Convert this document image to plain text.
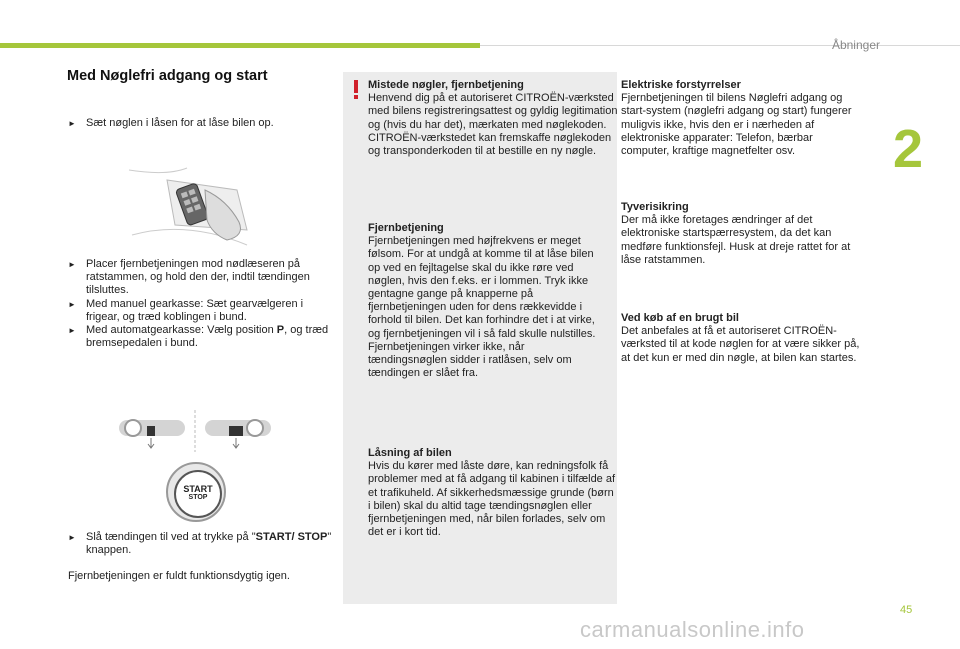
Åbninger
2
45
Med Nøglefri adgang og start
► Sæt nøglen i låsen for at låse bilen op.
► Placer fjernbetjeningen mod nødlæseren på ratstammen, og hold den der, indtil tændingen tilsluttes.
► Med manuel gearkasse: Sæt gearvælgeren i frigear, og træd koblingen i bund.
► Med automatgearkasse: Vælg position P, og træd bremsepedalen i bund.
START
STOP
► Slå tændingen til ved at trykke på "START/ STOP" knappen.
Fjernbetjeningen er fuldt funktionsdygtig igen.
Mistede nøgler, fjernbetjening
Henvend dig på et autoriseret CITROËN-værksted med bilens registreringsattest og gyldig legitimation og (hvis du har det), mærkaten med nøglekoden. CITROËN-værkstedet kan fremskaffe nøglekoden og transponderkoden til at bestille en ny nøgle.
Fjernbetjening
Fjernbetjeningen med højfrekvens er meget følsom. For at undgå at komme til at låse bilen op ved en fejltagelse skal du ikke røre ved nøglen, hvis den f.eks. er i lommen. Tryk ikke gentagne gange på knapperne på fjernbetjeningen uden for dens rækkevidde i forhold til bilen. Det kan forhindre det i at virke, og fjernbetjeningen vil i så fald skulle nulstilles. Fjernbetjeningen virker ikke, når tændingsnøglen sidder i ratlåsen, selv om tændingen er slået fra.
Låsning af bilen
Hvis du kører med låste døre, kan redningsfolk få problemer med at få adgang til kabinen i tilfælde af et trafikuheld. Af sikkerhedsmæssige grunde (børn i bilen) skal du altid tage tændingsnøglen eller fjernbetjeningen med, når bilen forlades, selv om det er i kort tid.
Elektriske forstyrrelser
Fjernbetjeningen til bilens Nøglefri adgang og start-system (nøglefri adgang og start) fungerer muligvis ikke, hvis den er i nærheden af elektroniske apparater: Telefon, bærbar computer, kraftige magnetfelter osv.
Tyverisikring
Der må ikke foretages ændringer af det elektroniske startspærresystem, da det kan medføre funktionsfejl. Husk at dreje rattet for at låse ratstammen.
Ved køb af en brugt bil
Det anbefales at få et autoriseret CITROËN-værksted til at kode nøglen for at være sikker på, at det kun er med din nøgle, at bilen kan startes.
carmanualsonline.info
